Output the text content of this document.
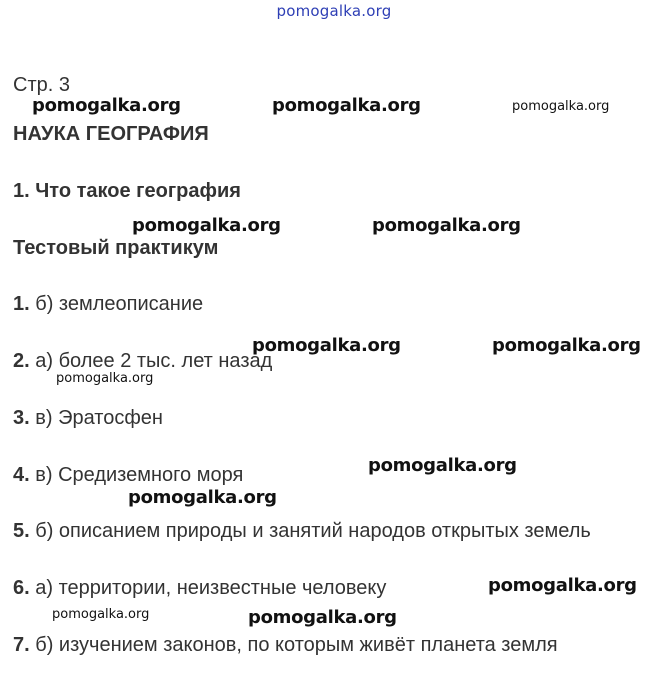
pomogalka.org
Стр. 3
НАУКА ГЕОГРАФИЯ
1. Что такое география
Тестовый практикум
1. б) землеописание
2. а) более 2 тыс. лет назад
3. в) Эратосфен
4. в) Средиземного моря
5. б) описанием природы и занятий народов открытых земель
6. а) территории, неизвестные человеку
7. б) изучением законов, по которым живёт планета земля
pomogalka.org	pomogalka.org	pomogalka.org
pomogalka.org	pomogalka.org
pomogalka.org	pomogalka.org
pomogalka.org
pomogalka.org
pomogalka.org
pomogalka.org
pomogalka.org	pomogalka.org
